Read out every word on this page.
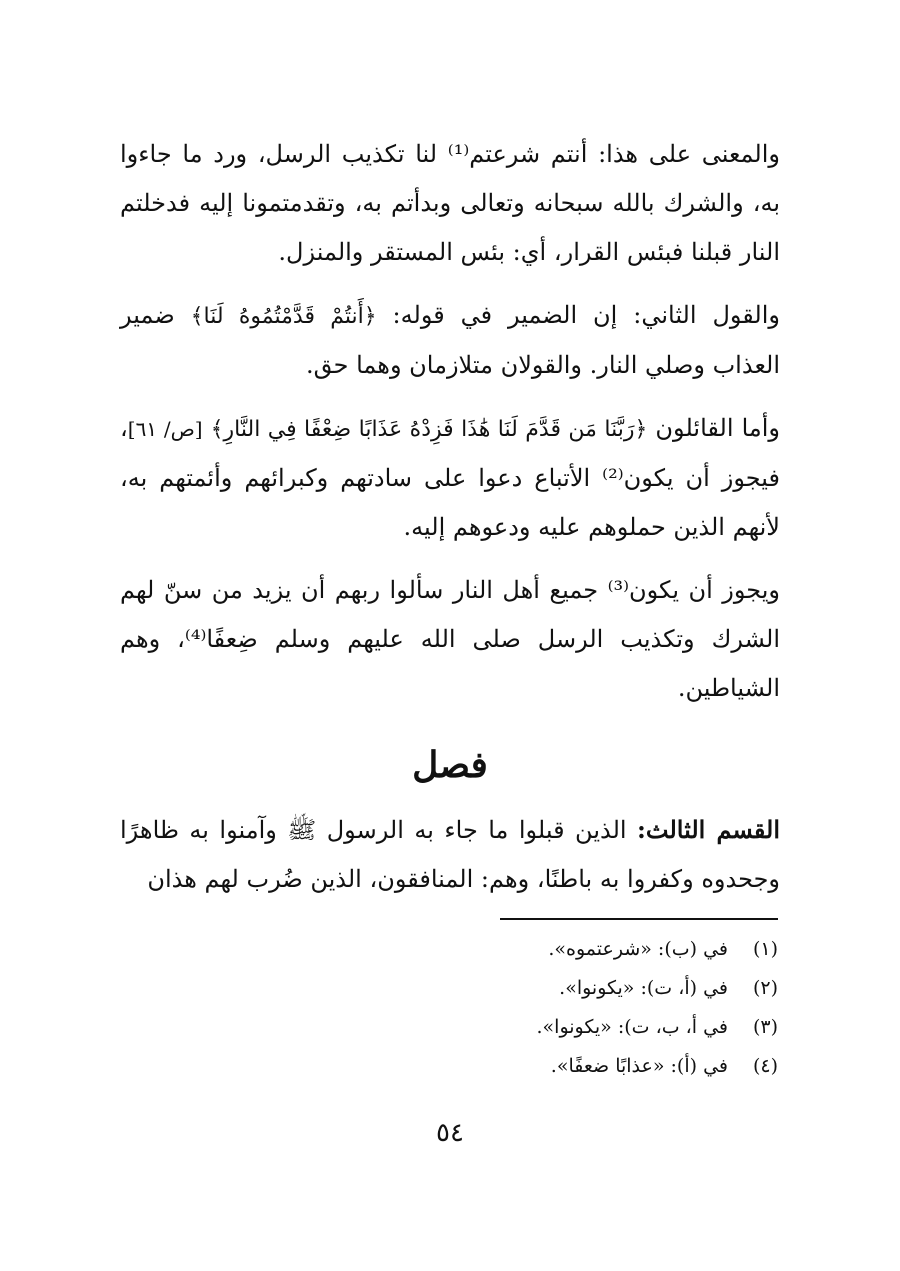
والمعنى على هذا: أنتم شرعتم⁽¹⁾ لنا تكذيب الرسل، ورد ما جاءوا به، والشرك بالله سبحانه وتعالى وبدأتم به، وتقدمتمونا إليه فدخلتم النار قبلنا فبئس القرار، أي: بئس المستقر والمنزل.

والقول الثاني: إن الضمير في قوله: ﴿أَنتُمْ قَدَّمْتُمُوهُ لَنَا﴾ ضمير العذاب وصلي النار. والقولان متلازمان وهما حق.

وأما القائلون ﴿رَبَّنَا مَن قَدَّمَ لَنَا هَٰذَا فَزِدْهُ عَذَابًا ضِعْفًا فِي النَّارِ﴾ [ص/ ٦١]، فيجوز أن يكون⁽²⁾ الأتباع دعوا على سادتهم وكبرائهم وأئمتهم به، لأنهم الذين حملوهم عليه ودعوهم إليه.

ويجوز أن يكون⁽³⁾ جميع أهل النار سألوا ربهم أن يزيد من سنّ لهم الشرك وتكذيب الرسل صلى الله عليهم وسلم ضِعفًا⁽⁴⁾، وهم الشياطين.

فصل

القسم الثالث: الذين قبلوا ما جاء به الرسول ﷺ وآمنوا به ظاهرًا وجحدوه وكفروا به باطنًا، وهم: المنافقون، الذين ضُرب لهم هذان

(١)
في (ب): «شرعتموه».
(٢)
في (أ، ت): «يكونوا».
(٣)
في أ، ب، ت): «يكونوا».
(٤)
في (أ): «عذابًا ضعفًا».
٥٤
